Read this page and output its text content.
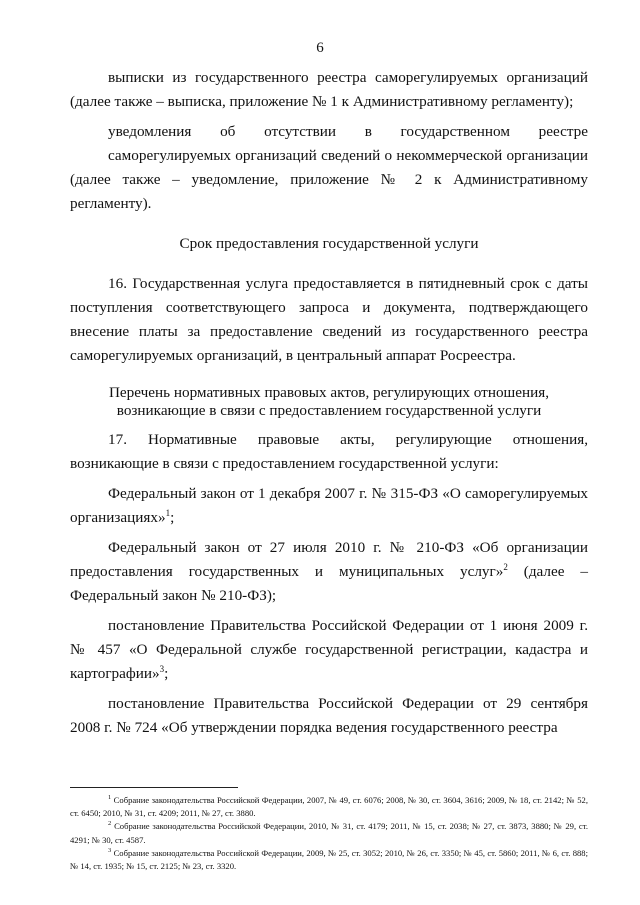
6

выписки из государственного реестра саморегулируемых организаций (далее также – выписка, приложение № 1 к Административному регламенту);

уведомления об отсутствии в государственном реестре
саморегулируемых организаций сведений о некоммерческой организации
(далее также – уведомление, приложение № 2 к Административному регламенту).

Срок предоставления государственной услуги

16. Государственная услуга предоставляется в пятидневный срок с даты поступления соответствующего запроса и документа, подтверждающего внесение платы за предоставление сведений из государственного реестра саморегулируемых организаций, в центральный аппарат Росреестра.

Перечень нормативных правовых актов, регулирующих отношения,
возникающие в связи с предоставлением государственной услуги

17. Нормативные правовые акты, регулирующие отношения,
возникающие в связи с предоставлением государственной услуги:

Федеральный закон от 1 декабря 2007 г. № 315-ФЗ «О саморегулируемых организациях»$^1$;

Федеральный закон от 27 июля 2010 г. № 210-ФЗ «Об организации предоставления государственных и муниципальных услуг»$^2$ (далее – Федеральный закон № 210-ФЗ);

постановление Правительства Российской Федерации от 1 июня 2009 г. № 457 «О Федеральной службе государственной регистрации, кадастра и картографии»$^3$;

постановление Правительства Российской Федерации от 29 сентября 2008 г. № 724 «Об утверждении порядка ведения государственного реестра

$^1$ Собрание законодательства Российской Федерации, 2007, № 49, ст. 6076; 2008, № 30, ст. 3604, 3616; 2009, № 18, ст. 2142; № 52, ст. 6450; 2010, № 31, ст. 4209; 2011, № 27, ст. 3880.

$^2$ Собрание законодательства Российской Федерации, 2010, № 31, ст. 4179; 2011, № 15, ст. 2038; № 27, ст. 3873, 3880; № 29, ст. 4291; № 30, ст. 4587.

$^3$ Собрание законодательства Российской Федерации, 2009, № 25, ст. 3052; 2010, № 26, ст. 3350; № 45, ст. 5860; 2011, № 6, ст. 888; № 14, ст. 1935; № 15, ст. 2125; № 23, ст. 3320.
